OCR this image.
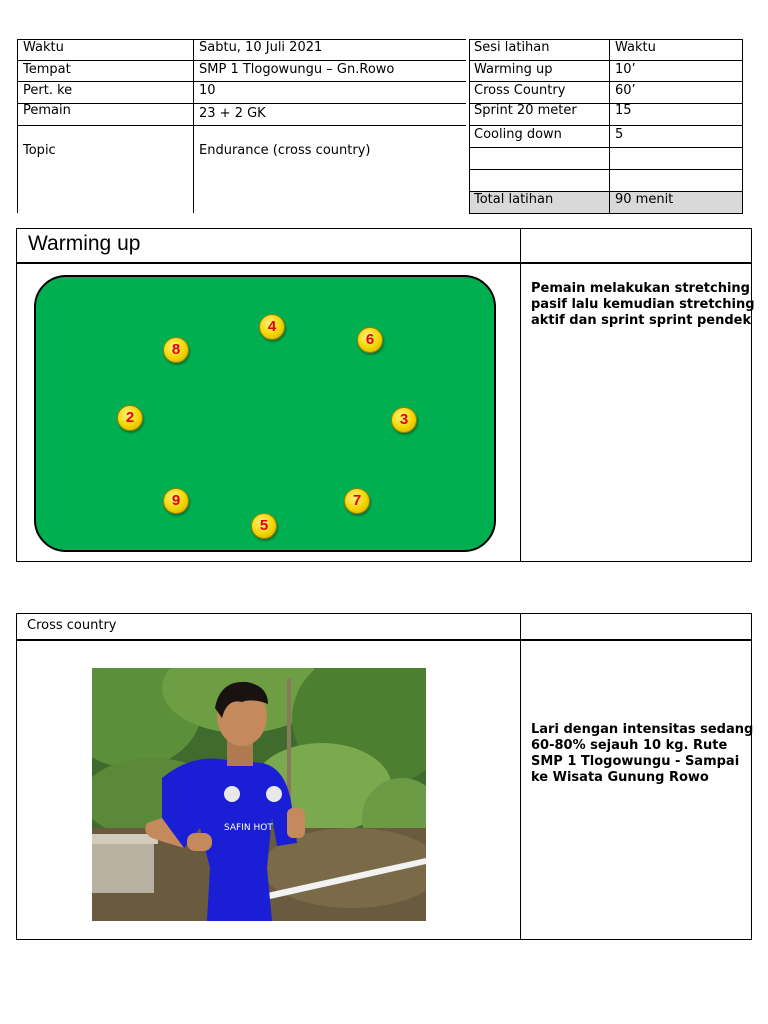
Waktu	Sabtu, 10 Juli 2021
Tempat	SMP 1 Tlogowungu – Gn.Rowo
Pert. ke	10
Pemain	23 + 2 GK
Topic	Endurance (cross country)
Sesi latihan	Waktu
Warming up	10’
Cross Country	60’
Sprint 20 meter	15
Cooling down	5
Total latihan	90 menit
Warming up
4
8
6
2	3
9	7
5
Pemain melakukan stretching
pasif lalu kemudian stretching
aktif dan sprint sprint pendek
Cross country
SAFIN HOT
Lari dengan intensitas sedang
60-80% sejauh 10 kg. Rute
SMP 1 Tlogowungu - Sampai
ke Wisata Gunung Rowo
